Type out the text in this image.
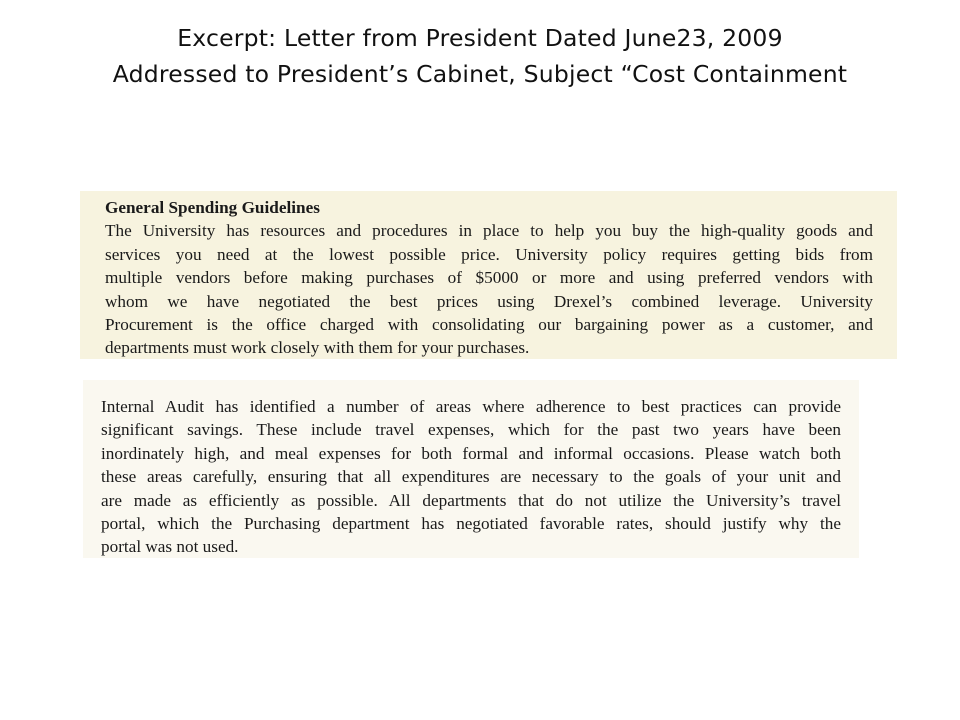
Excerpt: Letter from President Dated June23, 2009
Addressed to President’s Cabinet, Subject “Cost Containment
General Spending Guidelines
The University has resources and procedures in place to help you buy the high-quality goods and
services you need at the lowest possible price. University policy requires getting bids from
multiple vendors before making purchases of $5000 or more and using preferred vendors with
whom we have negotiated the best prices using Drexel’s combined leverage. University
Procurement is the office charged with consolidating our bargaining power as a customer, and
departments must work closely with them for your purchases.
Internal Audit has identified a number of areas where adherence to best practices can provide
significant savings. These include travel expenses, which for the past two years have been
inordinately high, and meal expenses for both formal and informal occasions. Please watch both
these areas carefully, ensuring that all expenditures are necessary to the goals of your unit and
are made as efficiently as possible. All departments that do not utilize the University’s travel
portal, which the Purchasing department has negotiated favorable rates, should justify why the
portal was not used.
